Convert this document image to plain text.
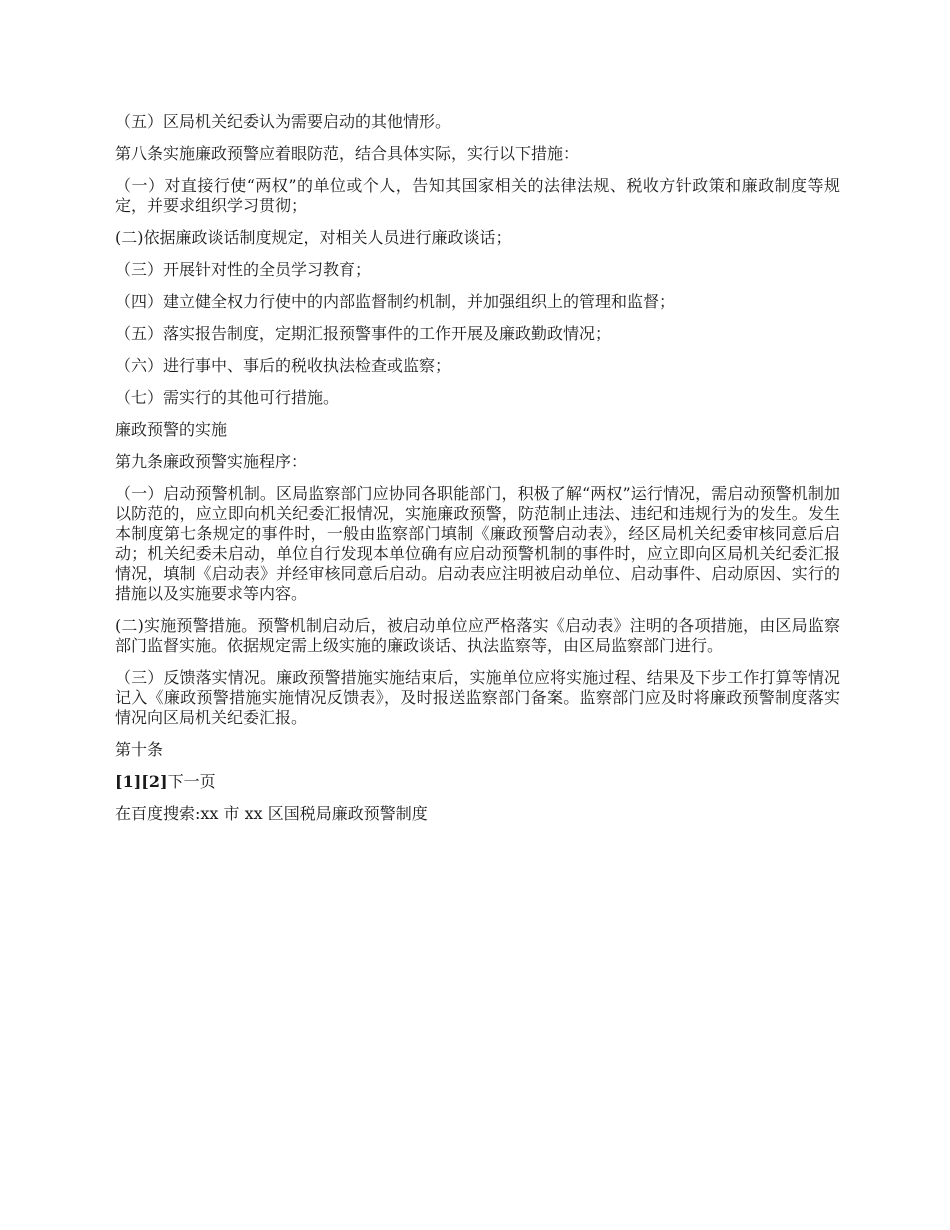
（五）区局机关纪委认为需要启动的其他情形。

第八条实施廉政预警应着眼防范，结合具体实际，实行以下措施：

（一）对直接行使“两权”的单位或个人，告知其国家相关的法律法规、税收方针政策和廉政制度等规定，并要求组织学习贯彻；

(二)依据廉政谈话制度规定，对相关人员进行廉政谈话；

（三）开展针对性的全员学习教育；

（四）建立健全权力行使中的内部监督制约机制，并加强组织上的管理和监督；

（五）落实报告制度，定期汇报预警事件的工作开展及廉政勤政情况；

（六）进行事中、事后的税收执法检查或监察；

（七）需实行的其他可行措施。

廉政预警的实施

第九条廉政预警实施程序：

（一）启动预警机制。区局监察部门应协同各职能部门，积极了解“两权”运行情况，需启动预警机制加以防范的，应立即向机关纪委汇报情况，实施廉政预警，防范制止违法、违纪和违规行为的发生。发生本制度第七条规定的事件时，一般由监察部门填制《廉政预警启动表》，经区局机关纪委审核同意后启动；机关纪委未启动，单位自行发现本单位确有应启动预警机制的事件时，应立即向区局机关纪委汇报情况，填制《启动表》并经审核同意后启动。启动表应注明被启动单位、启动事件、启动原因、实行的措施以及实施要求等内容。

(二)实施预警措施。预警机制启动后，被启动单位应严格落实《启动表》注明的各项措施，由区局监察部门监督实施。依据规定需上级实施的廉政谈话、执法监察等，由区局监察部门进行。

（三）反馈落实情况。廉政预警措施实施结束后，实施单位应将实施过程、结果及下步工作打算等情况记入《廉政预警措施实施情况反馈表》，及时报送监察部门备案。监察部门应及时将廉政预警制度落实情况向区局机关纪委汇报。

第十条

[1][2]下一页

在百度搜索:xx 市 xx 区国税局廉政预警制度
